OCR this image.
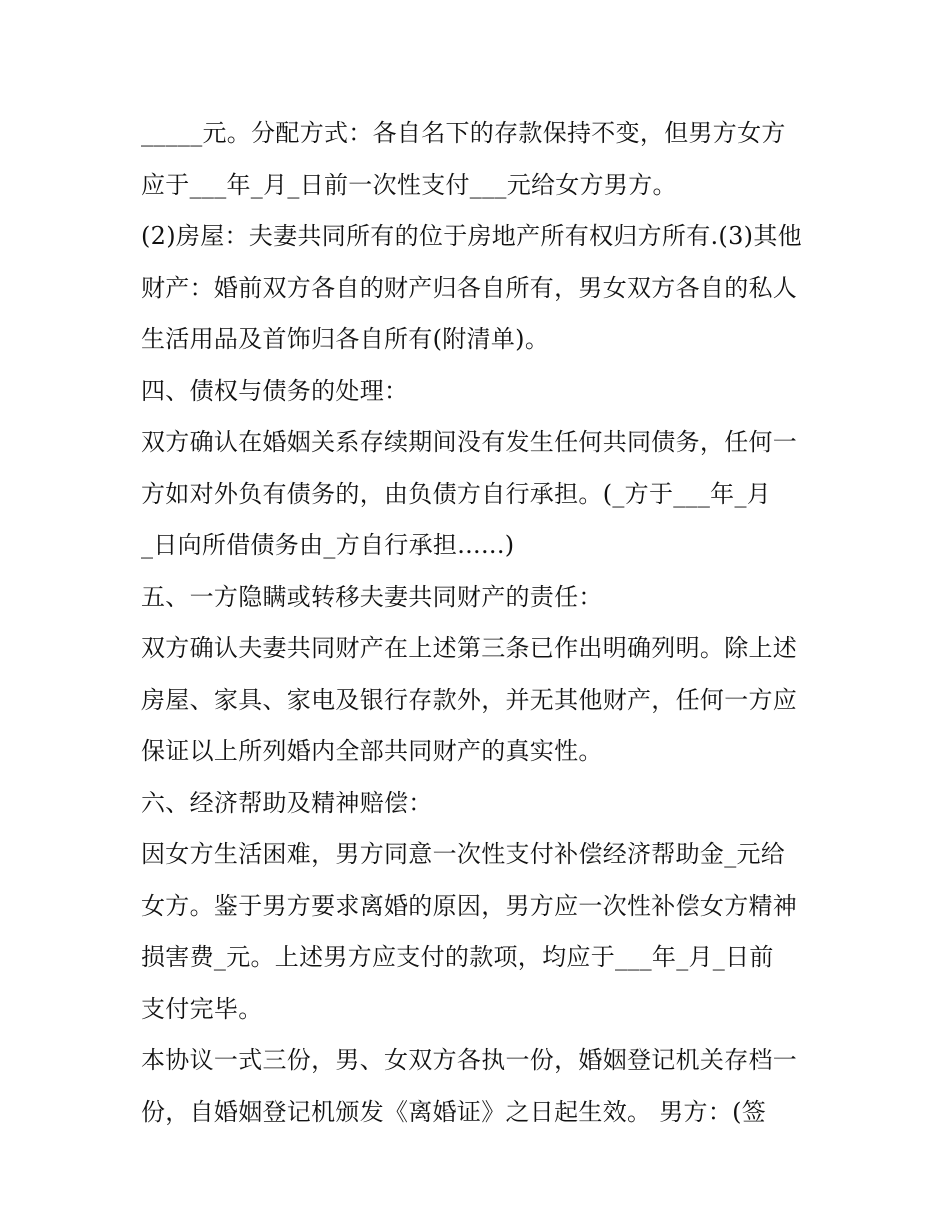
_____元。分配方式：各自名下的存款保持不变，但男方女方
应于___年_月_日前一次性支付___元给女方男方。
(2)房屋：夫妻共同所有的位于房地产所有权归方所有.(3)其他
财产：婚前双方各自的财产归各自所有，男女双方各自的私人
生活用品及首饰归各自所有(附清单)。
四、债权与债务的处理：
双方确认在婚姻关系存续期间没有发生任何共同债务，任何一
方如对外负有债务的，由负债方自行承担。(_方于___年_月
_日向所借债务由_方自行承担......)
五、一方隐瞒或转移夫妻共同财产的责任：
双方确认夫妻共同财产在上述第三条已作出明确列明。除上述
房屋、家具、家电及银行存款外，并无其他财产，任何一方应
保证以上所列婚内全部共同财产的真实性。
六、经济帮助及精神赔偿：
因女方生活困难，男方同意一次性支付补偿经济帮助金_元给
女方。鉴于男方要求离婚的原因，男方应一次性补偿女方精神
损害费_元。上述男方应支付的款项，均应于___年_月_日前
支付完毕。
本协议一式三份，男、女双方各执一份，婚姻登记机关存档一
份，自婚姻登记机颁发《离婚证》之日起生效。 男方：(签
